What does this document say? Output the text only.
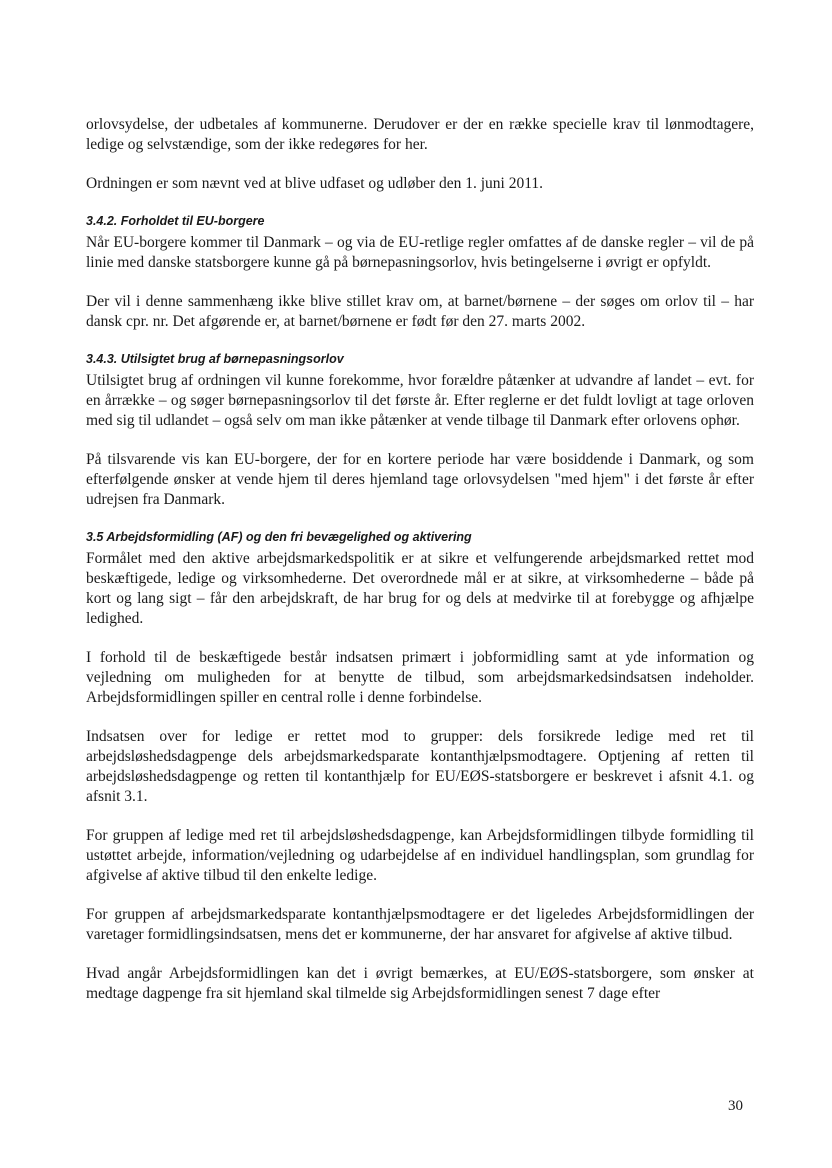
orlovsydelse, der udbetales af kommunerne. Derudover er der en række specielle krav til lønmodtagere, ledige og selvstændige, som der ikke redegøres for her.

Ordningen er som nævnt ved at blive udfaset og udløber den 1. juni 2011.

3.4.2. Forholdet til EU-borgere

Når EU-borgere kommer til Danmark – og via de EU-retlige regler omfattes af de danske regler – vil de på linie med danske statsborgere kunne gå på børnepasningsorlov, hvis betingelserne i øvrigt er opfyldt.

Der vil i denne sammenhæng ikke blive stillet krav om, at barnet/børnene – der søges om orlov til – har dansk cpr. nr. Det afgørende er, at barnet/børnene er født før den 27. marts 2002.

3.4.3. Utilsigtet brug af børnepasningsorlov

Utilsigtet brug af ordningen vil kunne forekomme, hvor forældre påtænker at udvandre af landet – evt. for en årrække – og søger børnepasningsorlov til det første år. Efter reglerne er det fuldt lovligt at tage orloven med sig til udlandet – også selv om man ikke påtænker at vende tilbage til Danmark efter orlovens ophør.

På tilsvarende vis kan EU-borgere, der for en kortere periode har være bosiddende i Danmark, og som efterfølgende ønsker at vende hjem til deres hjemland tage orlovsydelsen "med hjem" i det første år efter udrejsen fra Danmark.

3.5 Arbejdsformidling (AF) og den fri bevægelighed og aktivering

Formålet med den aktive arbejdsmarkedspolitik er at sikre et velfungerende arbejdsmarked rettet mod beskæftigede, ledige og virksomhederne. Det overordnede mål er at sikre, at virksomhederne – både på kort og lang sigt – får den arbejdskraft, de har brug for og dels at medvirke til at forebygge og afhjælpe ledighed.

I forhold til de beskæftigede består indsatsen primært i jobformidling samt at yde information og vejledning om muligheden for at benytte de tilbud, som arbejdsmarkedsindsatsen indeholder. Arbejdsformidlingen spiller en central rolle i denne forbindelse.

Indsatsen over for ledige er rettet mod to grupper: dels forsikrede ledige med ret til arbejdsløshedsdagpenge dels arbejdsmarkedsparate kontanthjælpsmodtagere. Optjening af retten til arbejdsløshedsdagpenge og retten til kontanthjælp for EU/EØS-statsborgere er beskrevet i afsnit 4.1. og afsnit 3.1.

For gruppen af ledige med ret til arbejdsløshedsdagpenge, kan Arbejdsformidlingen tilbyde formidling til ustøttet arbejde, information/vejledning og udarbejdelse af en individuel handlingsplan, som grundlag for afgivelse af aktive tilbud til den enkelte ledige.

For gruppen af arbejdsmarkedsparate kontanthjælpsmodtagere er det ligeledes Arbejdsformidlingen der varetager formidlingsindsatsen, mens det er kommunerne, der har ansvaret for afgivelse af aktive tilbud.

Hvad angår Arbejdsformidlingen kan det i øvrigt bemærkes, at EU/EØS-statsborgere, som ønsker at medtage dagpenge fra sit hjemland skal tilmelde sig Arbejdsformidlingen senest 7 dage efter

30
